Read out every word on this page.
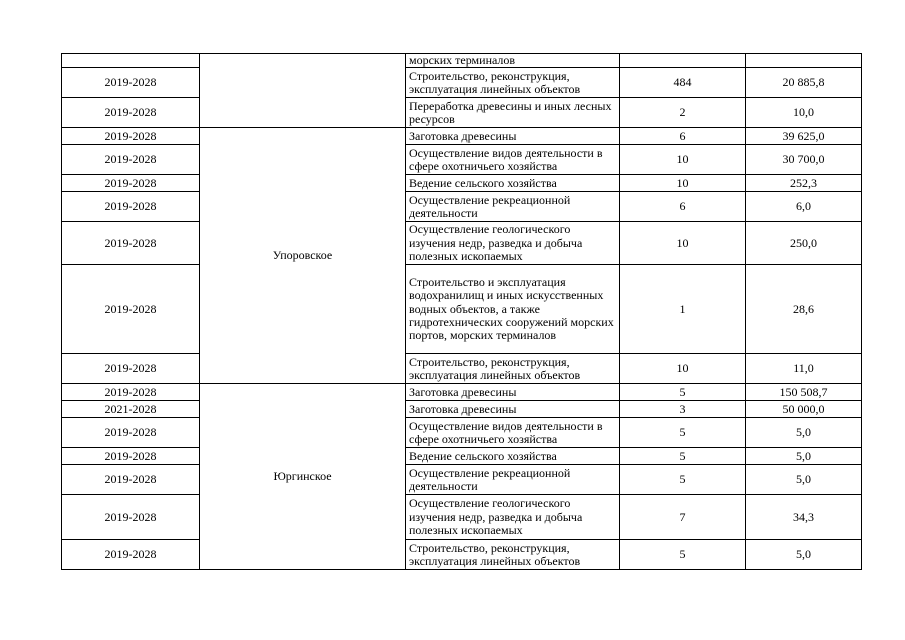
		морских терминалов		
2019-2028		Строительство, реконструкция, эксплуатация линейных объектов	484	20 885,8
2019-2028		Переработка древесины и иных лесных ресурсов	2	10,0
2019-2028	Упоровское	Заготовка древесины	6	39 625,0
2019-2028		Осуществление видов деятельности в сфере охотничьего хозяйства	10	30 700,0
2019-2028		Ведение сельского хозяйства	10	252,3
2019-2028		Осуществление рекреационной деятельности	6	6,0
2019-2028		Осуществление геологического изучения недр, разведка и добыча полезных ископаемых	10	250,0
2019-2028		Строительство и эксплуатация водохранилищ и иных искусственных водных объектов, а также гидротехнических сооружений морских портов, морских терминалов	1	28,6
2019-2028		Строительство, реконструкция, эксплуатация линейных объектов	10	11,0
2019-2028	Юргинское	Заготовка древесины	5	150 508,7
2021-2028		Заготовка древесины	3	50 000,0
2019-2028		Осуществление видов деятельности в сфере охотничьего хозяйства	5	5,0
2019-2028		Ведение сельского хозяйства	5	5,0
2019-2028		Осуществление рекреационной деятельности	5	5,0
2019-2028		Осуществление геологического изучения недр, разведка и добыча полезных ископаемых	7	34,3
2019-2028		Строительство, реконструкция, эксплуатация линейных объектов	5	5,0
